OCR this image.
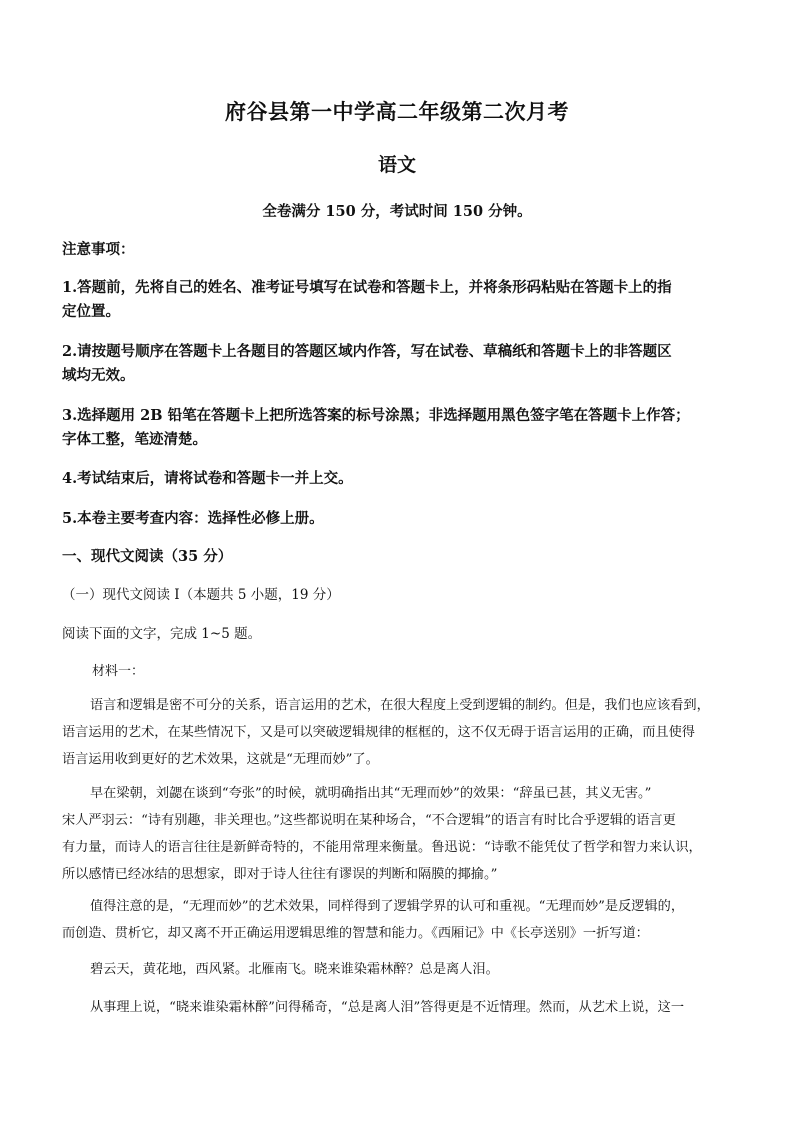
府谷县第一中学高二年级第二次月考
语文
全卷满分 150 分，考试时间 150 分钟。
注意事项：
1.答题前，先将自己的姓名、准考证号填写在试卷和答题卡上，并将条形码粘贴在答题卡上的指
定位置。
2.请按题号顺序在答题卡上各题目的答题区域内作答，写在试卷、草稿纸和答题卡上的非答题区
域均无效。
3.选择题用 2B 铅笔在答题卡上把所选答案的标号涂黑；非选择题用黑色签字笔在答题卡上作答；
字体工整，笔迹清楚。
4.考试结束后，请将试卷和答题卡一并上交。
5.本卷主要考查内容：选择性必修上册。
一、现代文阅读（35 分）
（一）现代文阅读 I（本题共 5 小题，19 分）
阅读下面的文字，完成 1~5 题。
材料一：

语言和逻辑是密不可分的关系，语言运用的艺术，在很大程度上受到逻辑的制约。但是，我们也应该看到，

语言运用的艺术，在某些情况下，又是可以突破逻辑规律的框框的，这不仅无碍于语言运用的正确，而且使得

语言运用收到更好的艺术效果，这就是“无理而妙”了。

早在梁朝，刘勰在谈到“夸张”的时候，就明确指出其“无理而妙”的效果：“辞虽已甚，其义无害。”

宋人严羽云：“诗有别趣，非关理也。”这些都说明在某种场合，“不合逻辑”的语言有时比合乎逻辑的语言更

有力量，而诗人的语言往往是新鲜奇特的，不能用常理来衡量。鲁迅说：“诗歌不能凭仗了哲学和智力来认识，

所以感情已经冰结的思想家，即对于诗人往往有谬误的判断和隔膜的揶揄。”

值得注意的是，“无理而妙”的艺术效果，同样得到了逻辑学界的认可和重视。“无理而妙”是反逻辑的，

而创造、贯析它，却又离不开正确运用逻辑思维的智慧和能力。《西厢记》中《长亭送别》一折写道：

碧云天，黄花地，西风紧。北雁南飞。晓来谁染霜林醉？总是离人泪。

从事理上说，“晓来谁染霜林醉”问得稀奇，“总是离人泪”答得更是不近情理。然而，从艺术上说，这一
